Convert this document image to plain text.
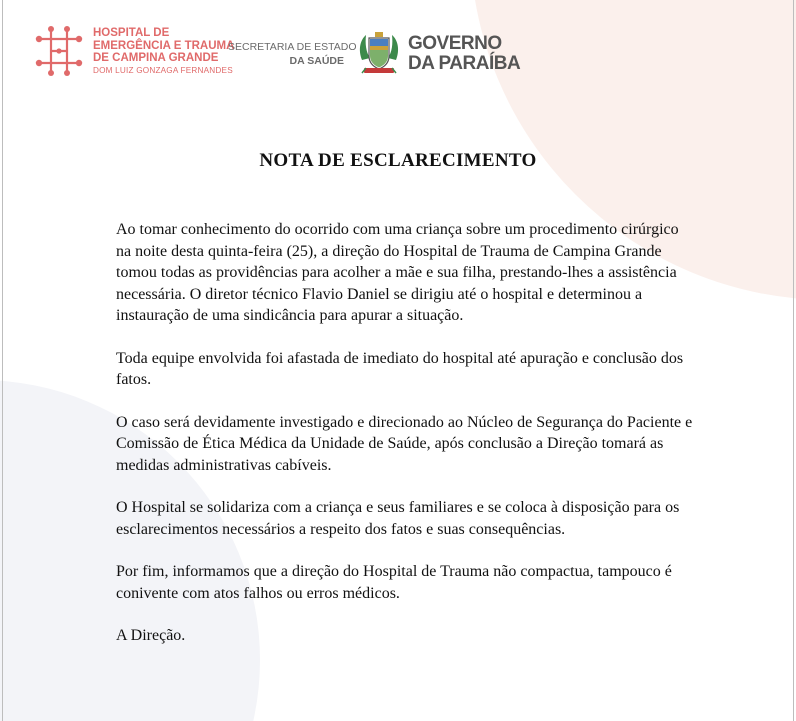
HOSPITAL DE
EMERGÊNCIA E TRAUMA
DE CAMPINA GRANDE
DOM LUIZ GONZAGA FERNANDES
SECRETARIA DE ESTADO
DA SAÚDE
GOVERNO
DA PARAÍBA
NOTA DE ESCLARECIMENTO

Ao tomar conhecimento do ocorrido com uma criança sobre um procedimento cirúrgico na noite desta quinta-feira (25), a direção do Hospital de Trauma de Campina Grande tomou todas as providências para acolher a mãe e sua filha, prestando-lhes a assistência necessária. O diretor técnico Flavio Daniel se dirigiu até o hospital e determinou a instauração de uma sindicância para apurar a situação.

Toda equipe envolvida foi afastada de imediato do hospital até apuração e conclusão dos fatos.

O caso será devidamente investigado e direcionado ao Núcleo de Segurança do Paciente e Comissão de Ética Médica da Unidade de Saúde, após conclusão a Direção tomará as medidas administrativas cabíveis.

O Hospital se solidariza com a criança e seus familiares e se coloca à disposição para os esclarecimentos necessários a respeito dos fatos e suas consequências.

Por fim, informamos que a direção do Hospital de Trauma não compactua, tampouco é conivente com atos falhos ou erros médicos.

A Direção.
